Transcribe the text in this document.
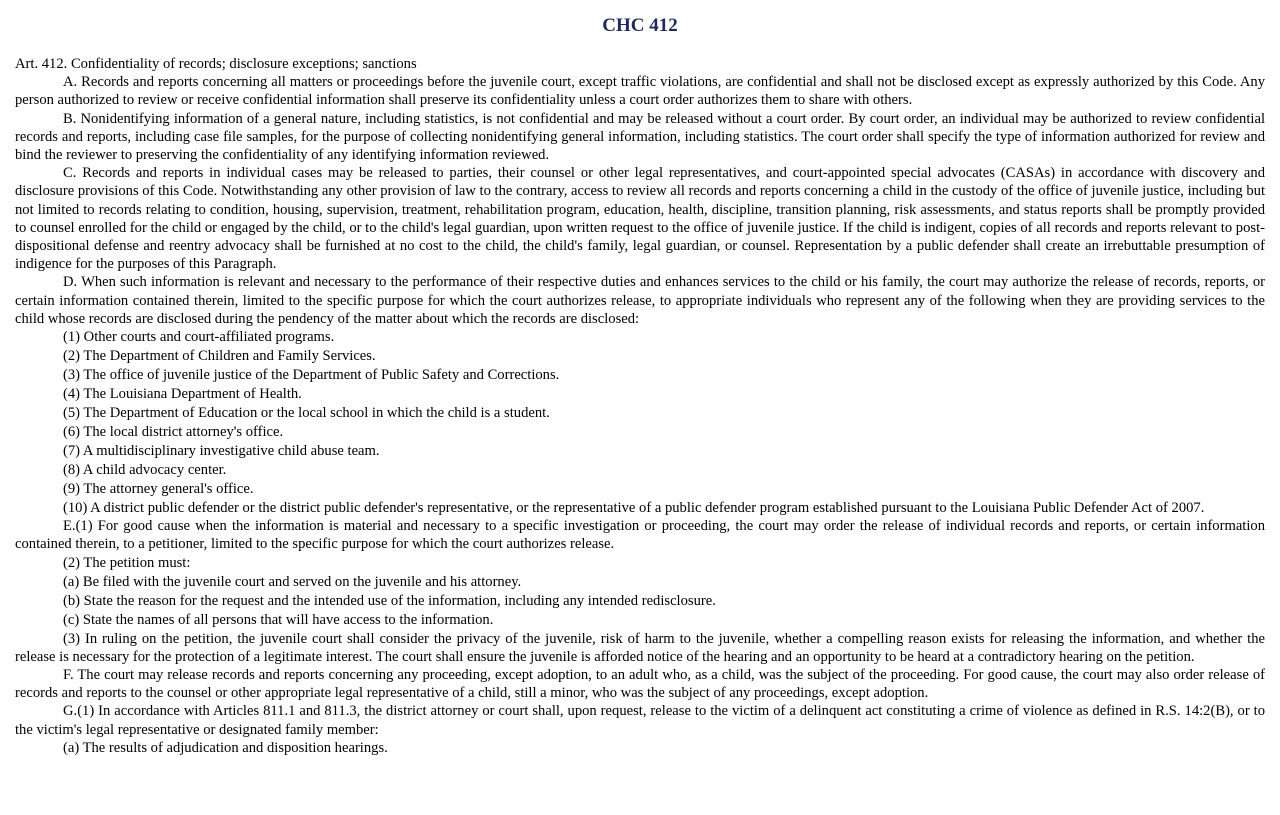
CHC 412
Art. 412. Confidentiality of records; disclosure exceptions; sanctions
A. Records and reports concerning all matters or proceedings before the juvenile court, except traffic violations, are confidential and shall not be disclosed except as expressly authorized by this Code. Any person authorized to review or receive confidential information shall preserve its confidentiality unless a court order authorizes them to share with others.
B. Nonidentifying information of a general nature, including statistics, is not confidential and may be released without a court order. By court order, an individual may be authorized to review confidential records and reports, including case file samples, for the purpose of collecting nonidentifying general information, including statistics. The court order shall specify the type of information authorized for review and bind the reviewer to preserving the confidentiality of any identifying information reviewed.
C. Records and reports in individual cases may be released to parties, their counsel or other legal representatives, and court-appointed special advocates (CASAs) in accordance with discovery and disclosure provisions of this Code. Notwithstanding any other provision of law to the contrary, access to review all records and reports concerning a child in the custody of the office of juvenile justice, including but not limited to records relating to condition, housing, supervision, treatment, rehabilitation program, education, health, discipline, transition planning, risk assessments, and status reports shall be promptly provided to counsel enrolled for the child or engaged by the child, or to the child's legal guardian, upon written request to the office of juvenile justice. If the child is indigent, copies of all records and reports relevant to post-dispositional defense and reentry advocacy shall be furnished at no cost to the child, the child's family, legal guardian, or counsel. Representation by a public defender shall create an irrebuttable presumption of indigence for the purposes of this Paragraph.
D. When such information is relevant and necessary to the performance of their respective duties and enhances services to the child or his family, the court may authorize the release of records, reports, or certain information contained therein, limited to the specific purpose for which the court authorizes release, to appropriate individuals who represent any of the following when they are providing services to the child whose records are disclosed during the pendency of the matter about which the records are disclosed:
(1) Other courts and court-affiliated programs.
(2) The Department of Children and Family Services.
(3) The office of juvenile justice of the Department of Public Safety and Corrections.
(4) The Louisiana Department of Health.
(5) The Department of Education or the local school in which the child is a student.
(6) The local district attorney's office.
(7) A multidisciplinary investigative child abuse team.
(8) A child advocacy center.
(9) The attorney general's office.
(10) A district public defender or the district public defender's representative, or the representative of a public defender program established pursuant to the Louisiana Public Defender Act of 2007.
E.(1) For good cause when the information is material and necessary to a specific investigation or proceeding, the court may order the release of individual records and reports, or certain information contained therein, to a petitioner, limited to the specific purpose for which the court authorizes release.
(2) The petition must:
(a) Be filed with the juvenile court and served on the juvenile and his attorney.
(b) State the reason for the request and the intended use of the information, including any intended redisclosure.
(c) State the names of all persons that will have access to the information.
(3) In ruling on the petition, the juvenile court shall consider the privacy of the juvenile, risk of harm to the juvenile, whether a compelling reason exists for releasing the information, and whether the release is necessary for the protection of a legitimate interest. The court shall ensure the juvenile is afforded notice of the hearing and an opportunity to be heard at a contradictory hearing on the petition.
F. The court may release records and reports concerning any proceeding, except adoption, to an adult who, as a child, was the subject of the proceeding. For good cause, the court may also order release of records and reports to the counsel or other appropriate legal representative of a child, still a minor, who was the subject of any proceedings, except adoption.
G.(1) In accordance with Articles 811.1 and 811.3, the district attorney or court shall, upon request, release to the victim of a delinquent act constituting a crime of violence as defined in R.S. 14:2(B), or to the victim's legal representative or designated family member:
(a) The results of adjudication and disposition hearings.
